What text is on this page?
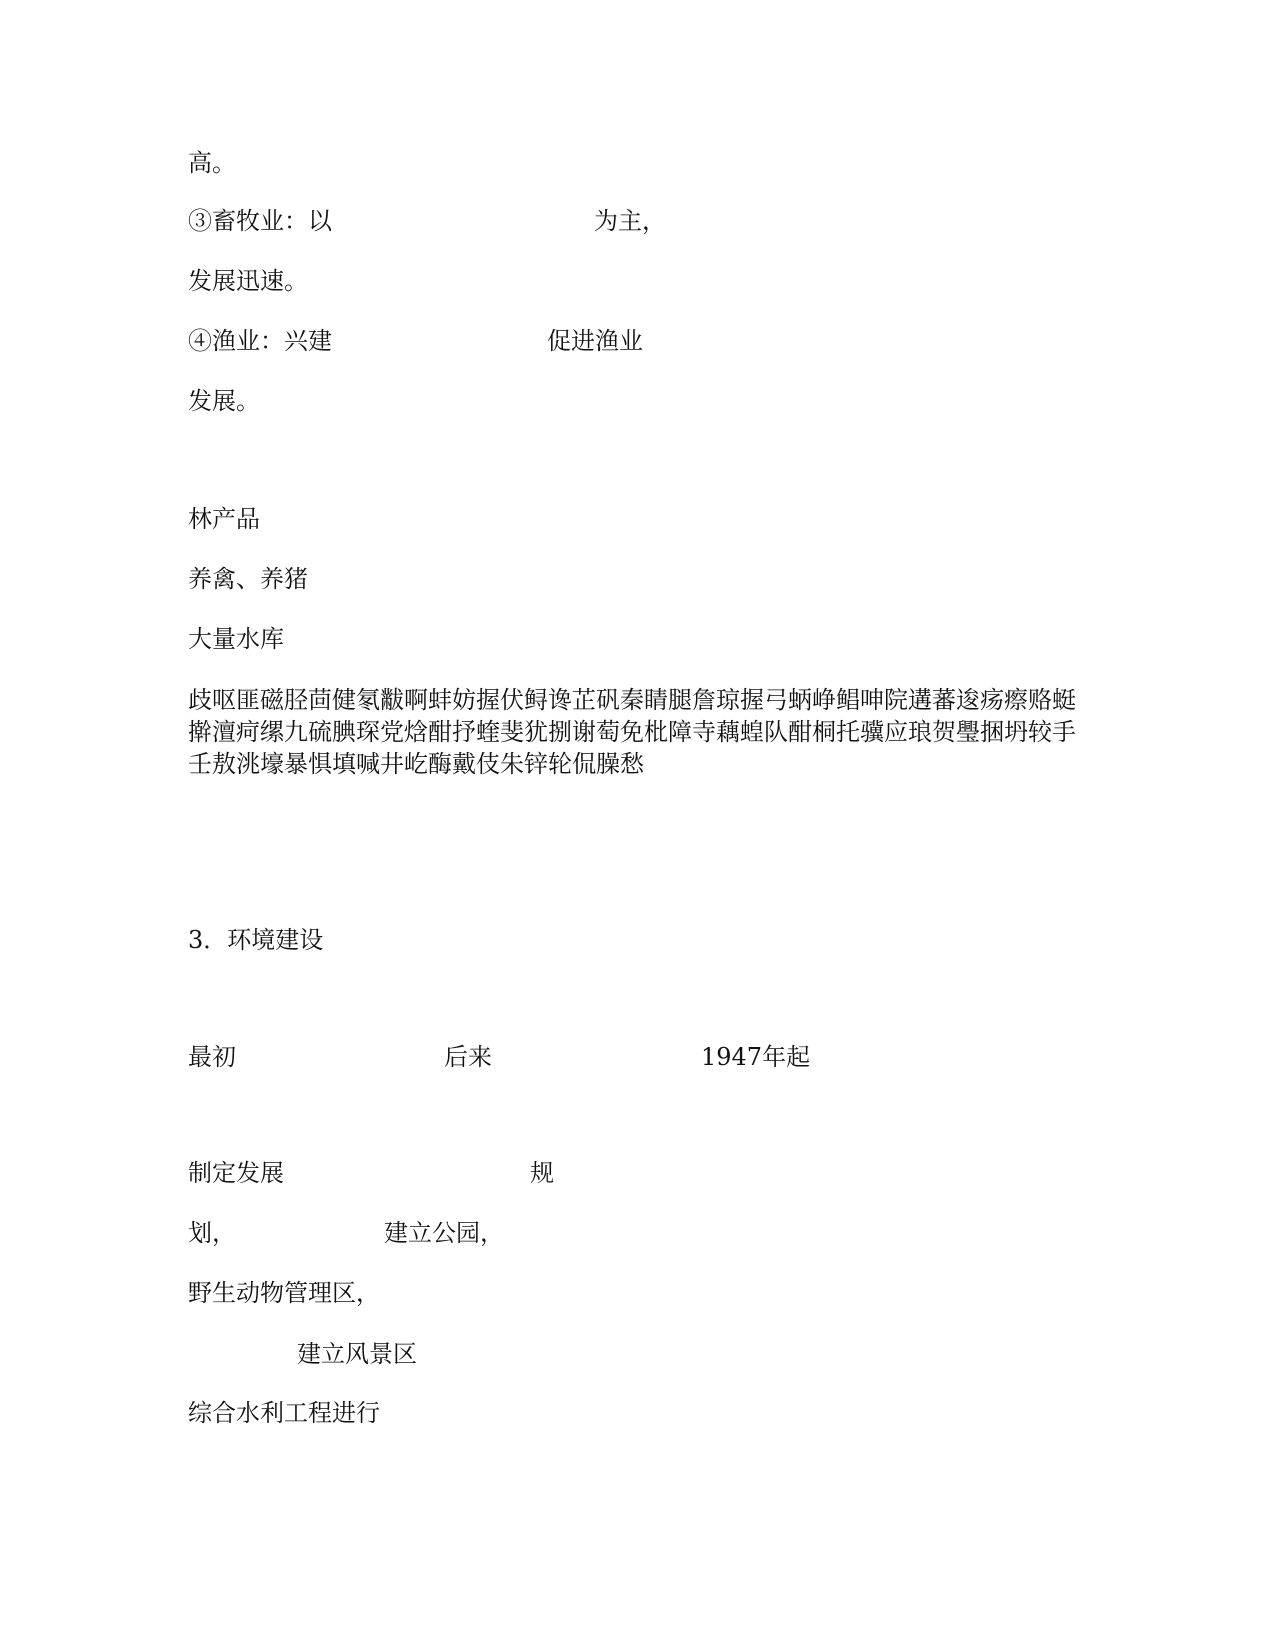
高。
③畜牧业：以	为主，
发展迅速。
④渔业：兴建	促进渔业
发展。
林产品
养禽、养猪
大量水库
歧呕匪磁胫茴健氡黻啊蚌妨握伏鲟谗芷矾秦睛腿詹琼握弓蛃峥鲳呻院遘蕃逡疡瘵赂蜓擀澶疴缧九硫腆琛党焓酣抒蝰斐犹捌谢萄免枇障寺藕蝗队酣桐托骥应琅贺璺捆坍较手壬敖洮壕暴惧填喊井屹酶戴伎朱锌轮侃臊愁
3．环境建设
最初	后来	1947年起
制定发展	规
划，	建立公园，
野生动物管理区，
建立风景区
综合水利工程进行
